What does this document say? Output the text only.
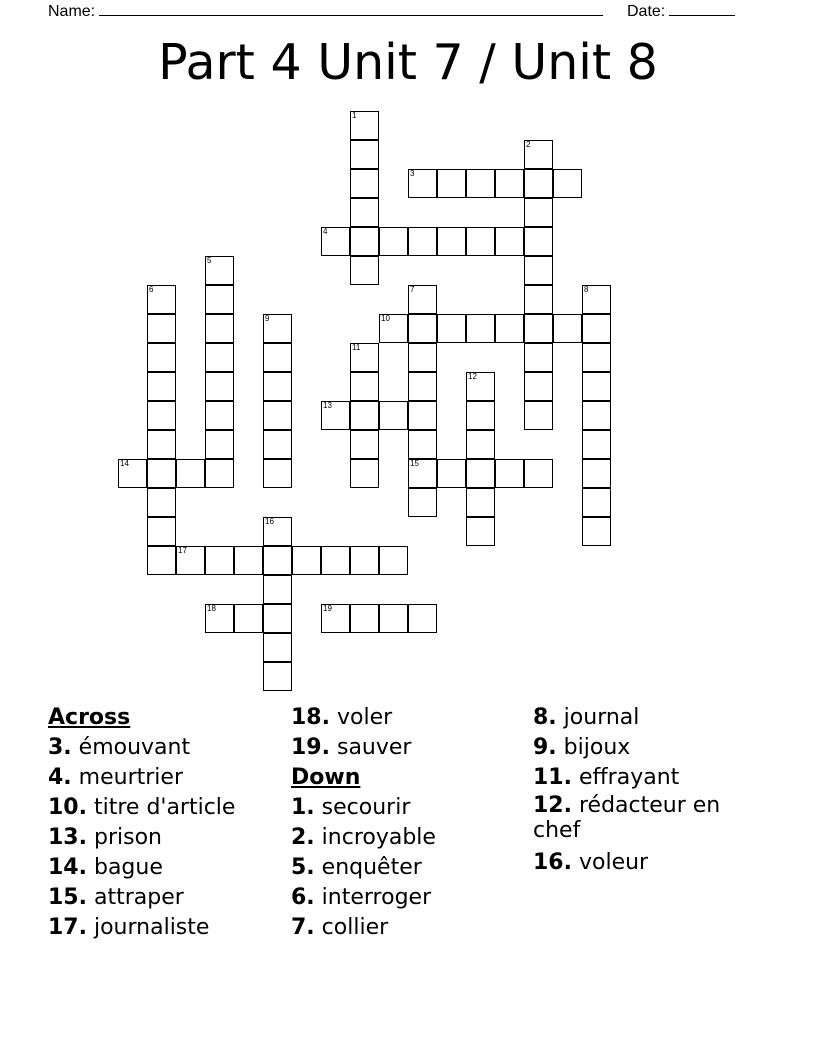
Name:	Date:
Part 4 Unit 7 / Unit 8
1
2
3
4
5
6	7
15
8
9	10
11
12
13
14
16
17
18	19
Across
3. émouvant
4. meurtrier
10. titre d'article
13. prison
14. bague
15. attraper
17. journaliste
18. voler
19. sauver
Down
1. secourir
2. incroyable
5. enquêter
6. interroger
7. collier
8. journal
9. bijoux
11. effrayant
12. rédacteur en chef
16. voleur
